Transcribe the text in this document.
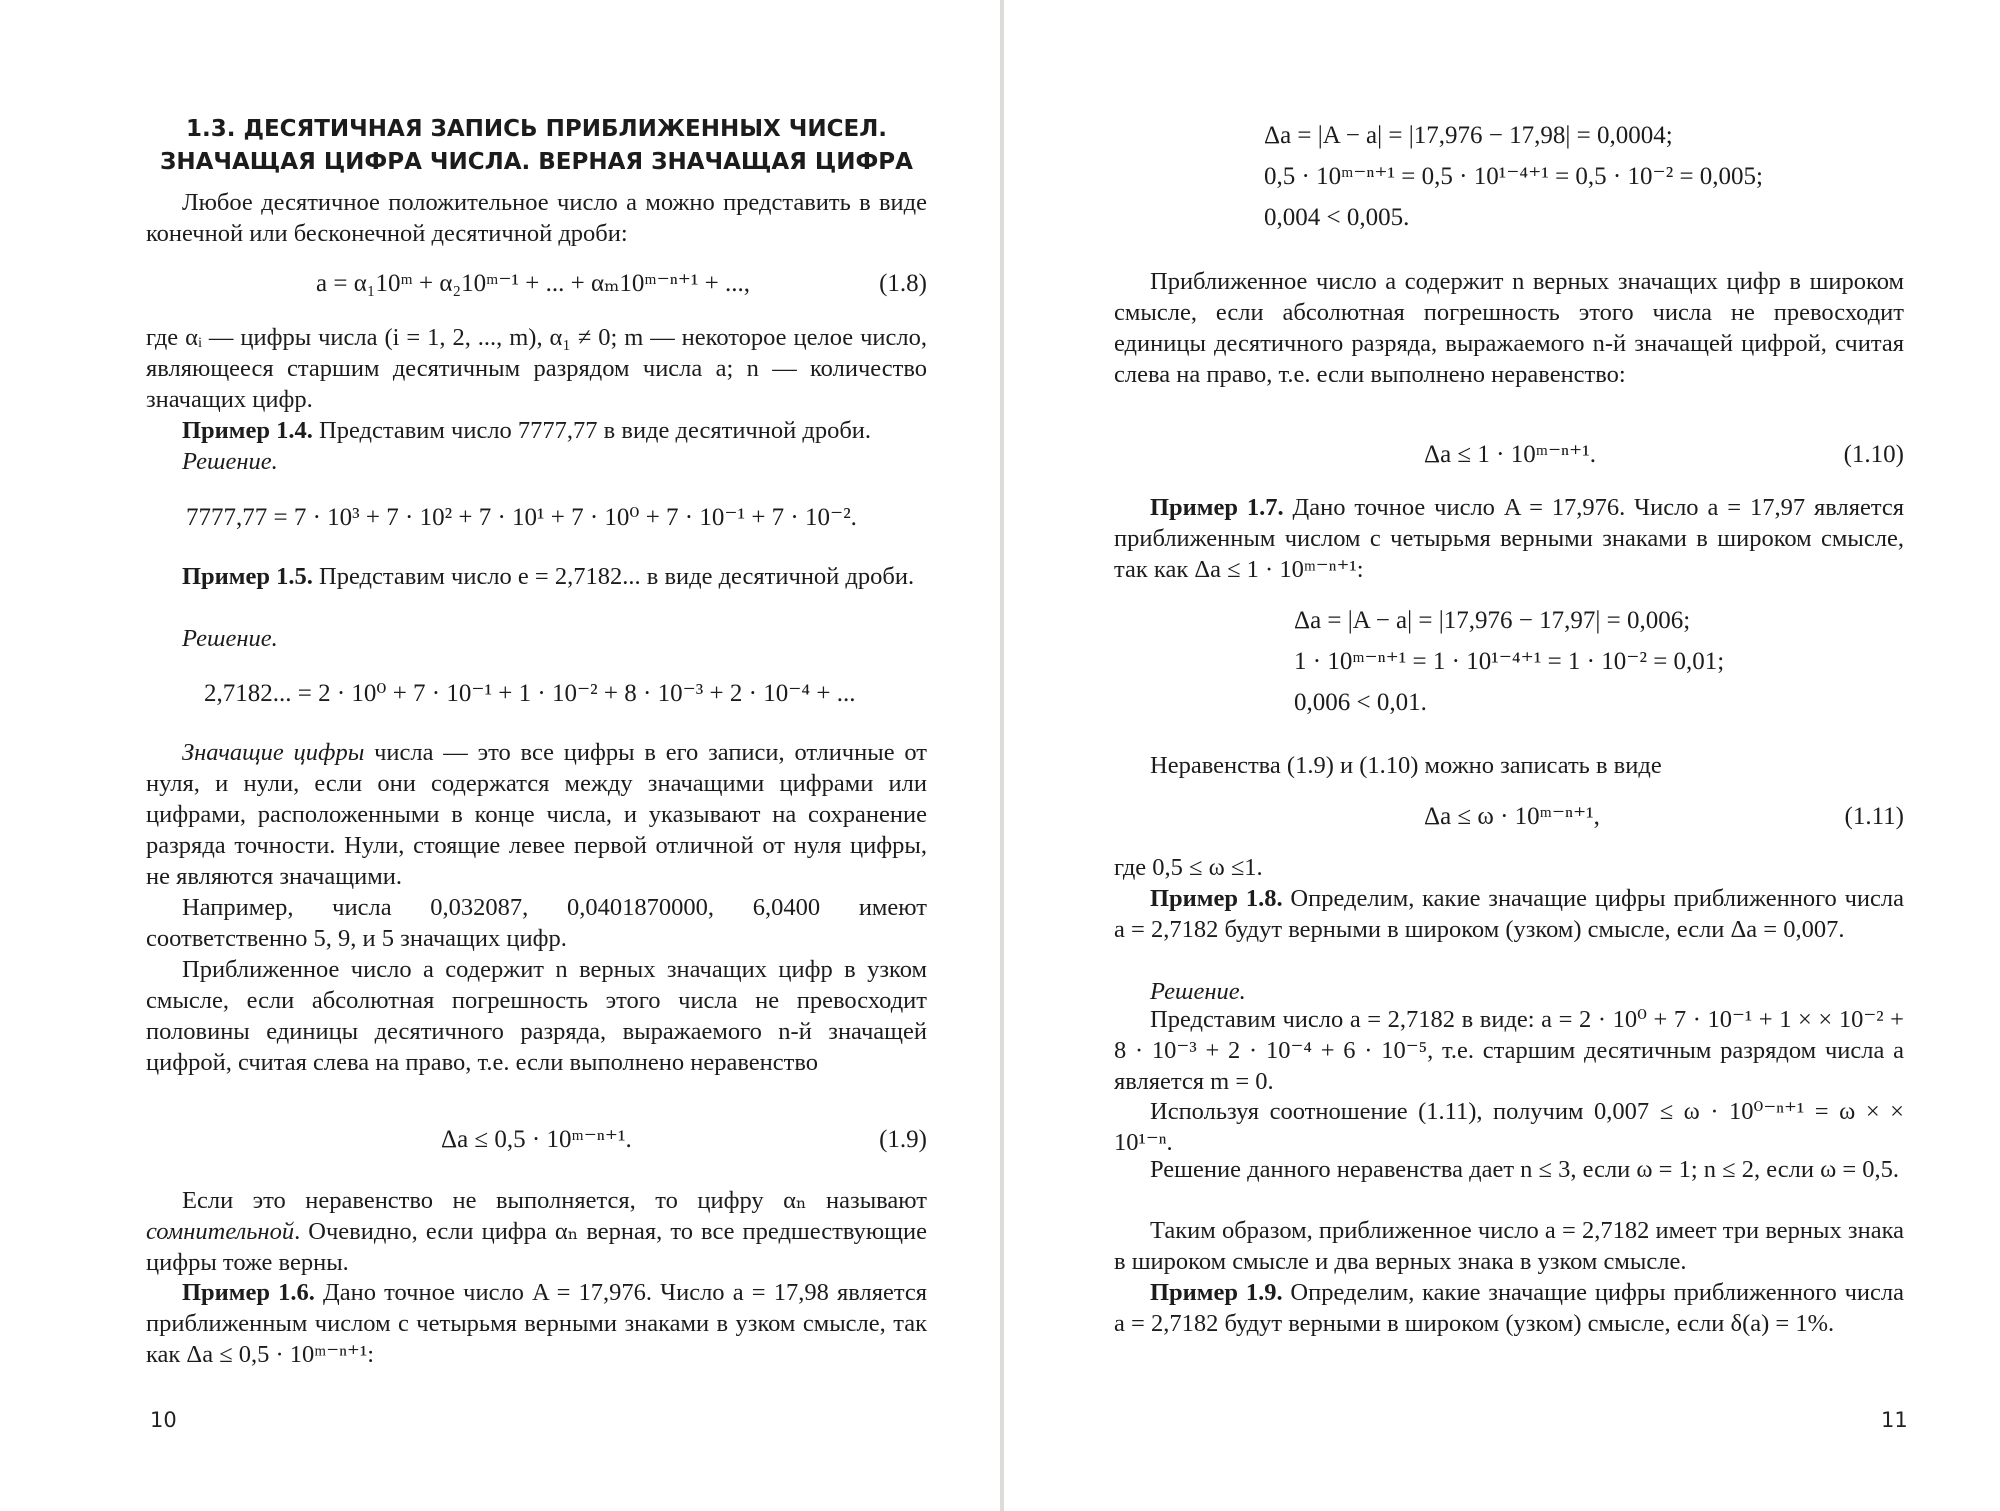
1.3. ДЕСЯТИЧНАЯ ЗАПИСЬ ПРИБЛИЖЕННЫХ ЧИСЕЛ.
ЗНАЧАЩАЯ ЦИФРА ЧИСЛА. ВЕРНАЯ ЗНАЧАЩАЯ ЦИФРА

Любое десятичное положительное число a можно представить в виде конечной или бесконечной десятичной дроби:

a = α₁10ᵐ + α₂10ᵐ⁻¹ + ... + αₘ10ᵐ⁻ⁿ⁺¹ + ...,	(1.8)

где αᵢ — цифры числа (i = 1, 2, ..., m), α₁ ≠ 0; m — некоторое целое число, являющееся старшим десятичным разрядом числа a; n — количество значащих цифр.

Пример 1.4. Представим число 7777,77 в виде десятичной дроби.

Решение.

7777,77 = 7 · 10³ + 7 · 10² + 7 · 10¹ + 7 · 10⁰ + 7 · 10⁻¹ + 7 · 10⁻².

Пример 1.5. Представим число e = 2,7182... в виде десятичной дроби.

Решение.

2,7182... = 2 · 10⁰ + 7 · 10⁻¹ + 1 · 10⁻² + 8 · 10⁻³ + 2 · 10⁻⁴ + ...

Значащие цифры числа — это все цифры в его записи, отличные от нуля, и нули, если они содержатся между значащими цифрами или цифрами, расположенными в конце числа, и указывают на сохранение разряда точности. Нули, стоящие левее первой отличной от нуля цифры, не являются значащими.

Например, числа 0,032087, 0,0401870000, 6,0400 имеют соответственно 5, 9, и 5 значащих цифр.

Приближенное число a содержит n верных значащих цифр в узком смысле, если абсолютная погрешность этого числа не превосходит половины единицы десятичного разряда, выражаемого n-й значащей цифрой, считая слева на право, т.е. если выполнено неравенство

Δa ≤ 0,5 · 10ᵐ⁻ⁿ⁺¹.	(1.9)

Если это неравенство не выполняется, то цифру αₙ называют сомнительной. Очевидно, если цифра αₙ верная, то все предшествующие цифры тоже верны.

Пример 1.6. Дано точное число A = 17,976. Число a = 17,98 является приближенным числом с четырьмя верными знаками в узком смысле, так как Δa ≤ 0,5 · 10ᵐ⁻ⁿ⁺¹:

10
Δa = |A − a| = |17,976 − 17,98| = 0,0004;
0,5 · 10ᵐ⁻ⁿ⁺¹ = 0,5 · 10¹⁻⁴⁺¹ = 0,5 · 10⁻² = 0,005;
0,004 < 0,005.

Приближенное число a содержит n верных значащих цифр в широком смысле, если абсолютная погрешность этого числа не превосходит единицы десятичного разряда, выражаемого n-й значащей цифрой, считая слева на право, т.е. если выполнено неравенство:

Δa ≤ 1 · 10ᵐ⁻ⁿ⁺¹.	(1.10)

Пример 1.7. Дано точное число A = 17,976. Число a = 17,97 является приближенным числом с четырьмя верными знаками в широком смысле, так как Δa ≤ 1 · 10ᵐ⁻ⁿ⁺¹:

Δa = |A − a| = |17,976 − 17,97| = 0,006;
1 · 10ᵐ⁻ⁿ⁺¹ = 1 · 10¹⁻⁴⁺¹ = 1 · 10⁻² = 0,01;
0,006 < 0,01.

Неравенства (1.9) и (1.10) можно записать в виде

Δa ≤ ω · 10ᵐ⁻ⁿ⁺¹,	(1.11)

где 0,5 ≤ ω ≤1.

Пример 1.8. Определим, какие значащие цифры приближенного числа a = 2,7182 будут верными в широком (узком) смысле, если Δa = 0,007.

Решение.

Представим число a = 2,7182 в виде: a = 2 · 10⁰ + 7 · 10⁻¹ + 1 × × 10⁻² + 8 · 10⁻³ + 2 · 10⁻⁴ + 6 · 10⁻⁵, т.е. старшим десятичным разрядом числа a является m = 0.

Используя соотношение (1.11), получим 0,007 ≤ ω · 10⁰⁻ⁿ⁺¹ = ω × × 10¹⁻ⁿ.

Решение данного неравенства дает n ≤ 3, если ω = 1; n ≤ 2, если ω = 0,5.

Таким образом, приближенное число a = 2,7182 имеет три верных знака в широком смысле и два верных знака в узком смысле.

Пример 1.9. Определим, какие значащие цифры приближенного числа a = 2,7182 будут верными в широком (узком) смысле, если δ(a) = 1%.

11
